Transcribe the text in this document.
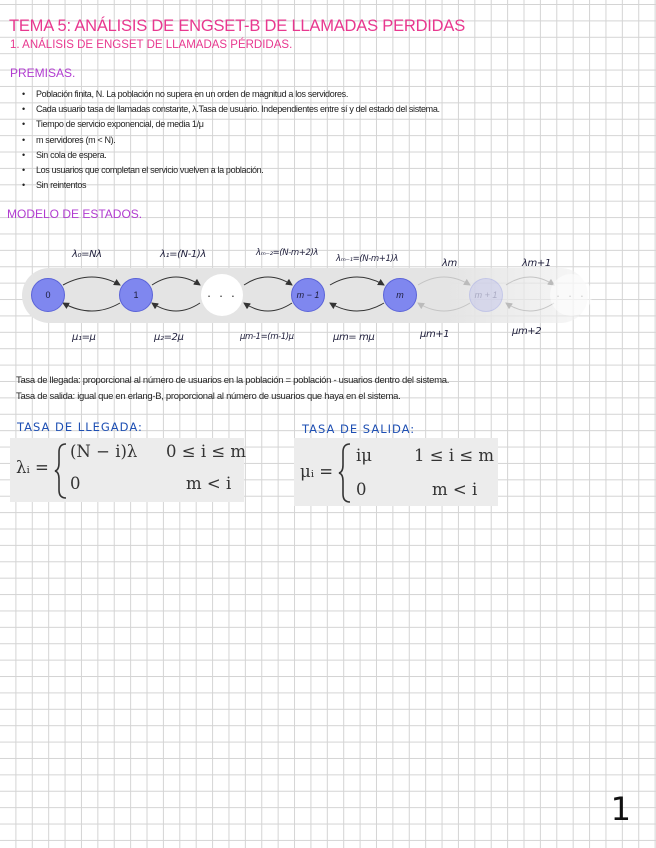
TEMA 5: ANÁLISIS DE ENGSET-B DE LLAMADAS PERDIDAS
1. ANÁLISIS DE ENGSET DE LLAMADAS PÉRDIDAS.
PREMISAS.
• Población finita, N. La población no supera en un orden de magnitud a los servidores.
• Cada usuario tasa de llamadas constante, λ.Tasa de usuario. Independientes entre sí y del estado del sistema.
• Tiempo de servicio exponencial, de media 1/μ
• m servidores (m < N).
• Sin cola de espera.
• Los usuarios que completan el servicio vuelven a la población.
• Sin reintentos
MODELO DE ESTADOS.
0	1	· · ·	m − 1	m	m + 1	· · ·
λ₀=Nλ	λ₁=(N-1)λ	λₘ₋₂=(N-m+2)λ
λₘ₋₁=(N-m+1)λ	λm	λm+1
μ₁=μ	μ₂=2μ	μm-1=(m-1)μ	μm= mμ	μm+1	μm+2
Tasa de llegada: proporcional al número de usuarios en la población = población - usuarios dentro del sistema.
Tasa de salida: igual que en erlang-B, proporcional al número de usuarios que haya en el sistema.
TASA DE LLEGADA:
λᵢ =
(N − i)λ 0 ≤ i ≤ m
0	m < i
TASA DE SALIDA:
μᵢ =
iμ	1 ≤ i ≤ m
0	m < i
1
